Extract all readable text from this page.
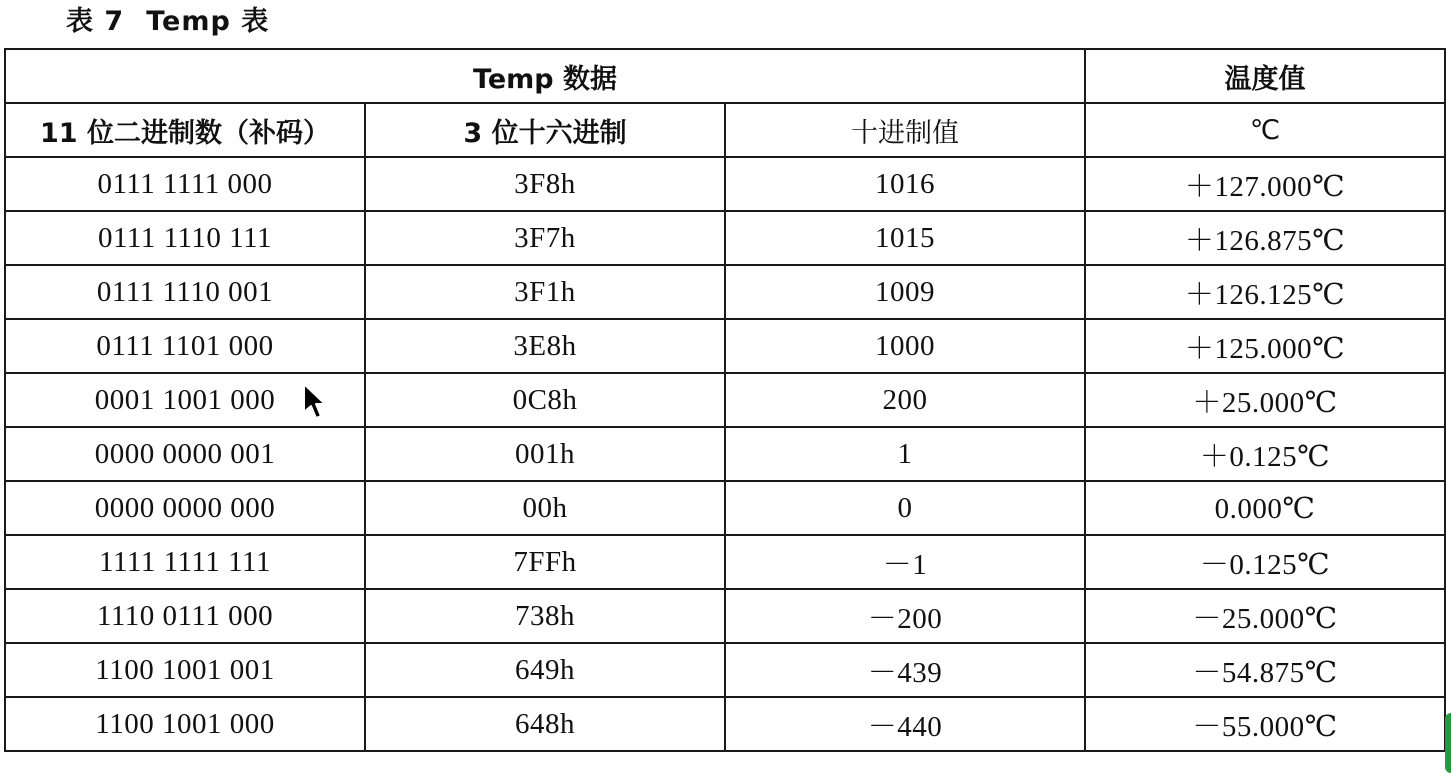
表 7 Temp 表
Temp 数据			温度值
11 位二进制数（补码）	3 位十六进制	十进制值	℃
0111 1111 000	3F8h	1016	＋127.000℃
0111 1110 111	3F7h	1015	＋126.875℃
0111 1110 001	3F1h	1009	＋126.125℃
0111 1101 000	3E8h	1000	＋125.000℃
0001 1001 000	0C8h	200	＋25.000℃
0000 0000 001	001h	1	＋0.125℃
0000 0000 000	00h	0	0.000℃
1111 1111 111	7FFh	－1	－0.125℃
1110 0111 000	738h	－200	－25.000℃
1100 1001 001	649h	－439	－54.875℃
1100 1001 000	648h	－440	－55.000℃
